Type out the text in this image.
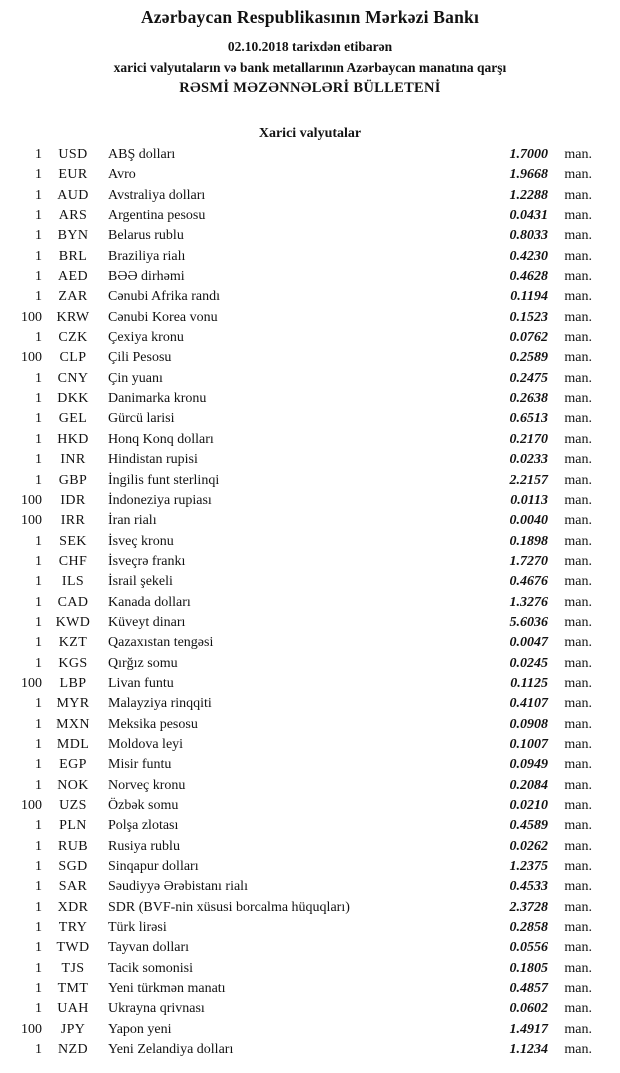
Azərbaycan Respublikasının Mərkəzi Bankı
02.10.2018 tarixdən etibarən
xarici valyutaların və bank metallarının Azərbaycan manatına qarşı
RƏSMİ MƏZƏNNƏLƏRİ BÜLLETENİ
Xarici valyutalar
1	USD	ABŞ dolları	1.7000	man.
1	EUR	Avro	1.9668	man.
1	AUD	Avstraliya dolları	1.2288	man.
1	ARS	Argentina pesosu	0.0431	man.
1	BYN	Belarus rublu	0.8033	man.
1	BRL	Braziliya rialı	0.4230	man.
1	AED	BƏƏ dirhəmi	0.4628	man.
1	ZAR	Cənubi Afrika randı	0.1194	man.
100	KRW	Cənubi Korea vonu	0.1523	man.
1	CZK	Çexiya kronu	0.0762	man.
100	CLP	Çili Pesosu	0.2589	man.
1	CNY	Çin yuanı	0.2475	man.
1	DKK	Danimarka kronu	0.2638	man.
1	GEL	Gürcü larisi	0.6513	man.
1	HKD	Honq Konq dolları	0.2170	man.
1	INR	Hindistan rupisi	0.0233	man.
1	GBP	İngilis funt sterlinqi	2.2157	man.
100	IDR	İndoneziya rupiası	0.0113	man.
100	IRR	İran rialı	0.0040	man.
1	SEK	İsveç kronu	0.1898	man.
1	CHF	İsveçrə frankı	1.7270	man.
1	ILS	İsrail şekeli	0.4676	man.
1	CAD	Kanada dolları	1.3276	man.
1 KWD	Küveyt dinarı	5.6036	man.
1	KZT	Qazaxıstan tengəsi	0.0047	man.
1	KGS	Qırğız somu	0.0245	man.
100	LBP	Livan funtu	0.1125	man.
1	MYR	Malayziya rinqqiti	0.4107	man.
1	MXN	Meksika pesosu	0.0908	man.
1	MDL	Moldova leyi	0.1007	man.
1	EGP	Misir funtu	0.0949	man.
1	NOK	Norveç kronu	0.2084	man.
100	UZS	Özbək somu	0.0210	man.
1	PLN	Polşa zlotası	0.4589	man.
1	RUB	Rusiya rublu	0.0262	man.
1	SGD	Sinqapur dolları	1.2375	man.
1	SAR	Səudiyyə Ərəbistanı rialı	0.4533	man.
1	XDR	SDR (BVF-nin xüsusi borcalma hüquqları)	2.3728	man.
1	TRY	Türk lirəsi	0.2858	man.
1	TWD	Tayvan dolları	0.0556	man.
1	TJS	Tacik somonisi	0.1805	man.
1	TMT	Yeni türkmən manatı	0.4857	man.
1	UAH	Ukrayna qrivnası	0.0602	man.
100	JPY	Yapon yeni	1.4917	man.
1	NZD	Yeni Zelandiya dolları	1.1234	man.
